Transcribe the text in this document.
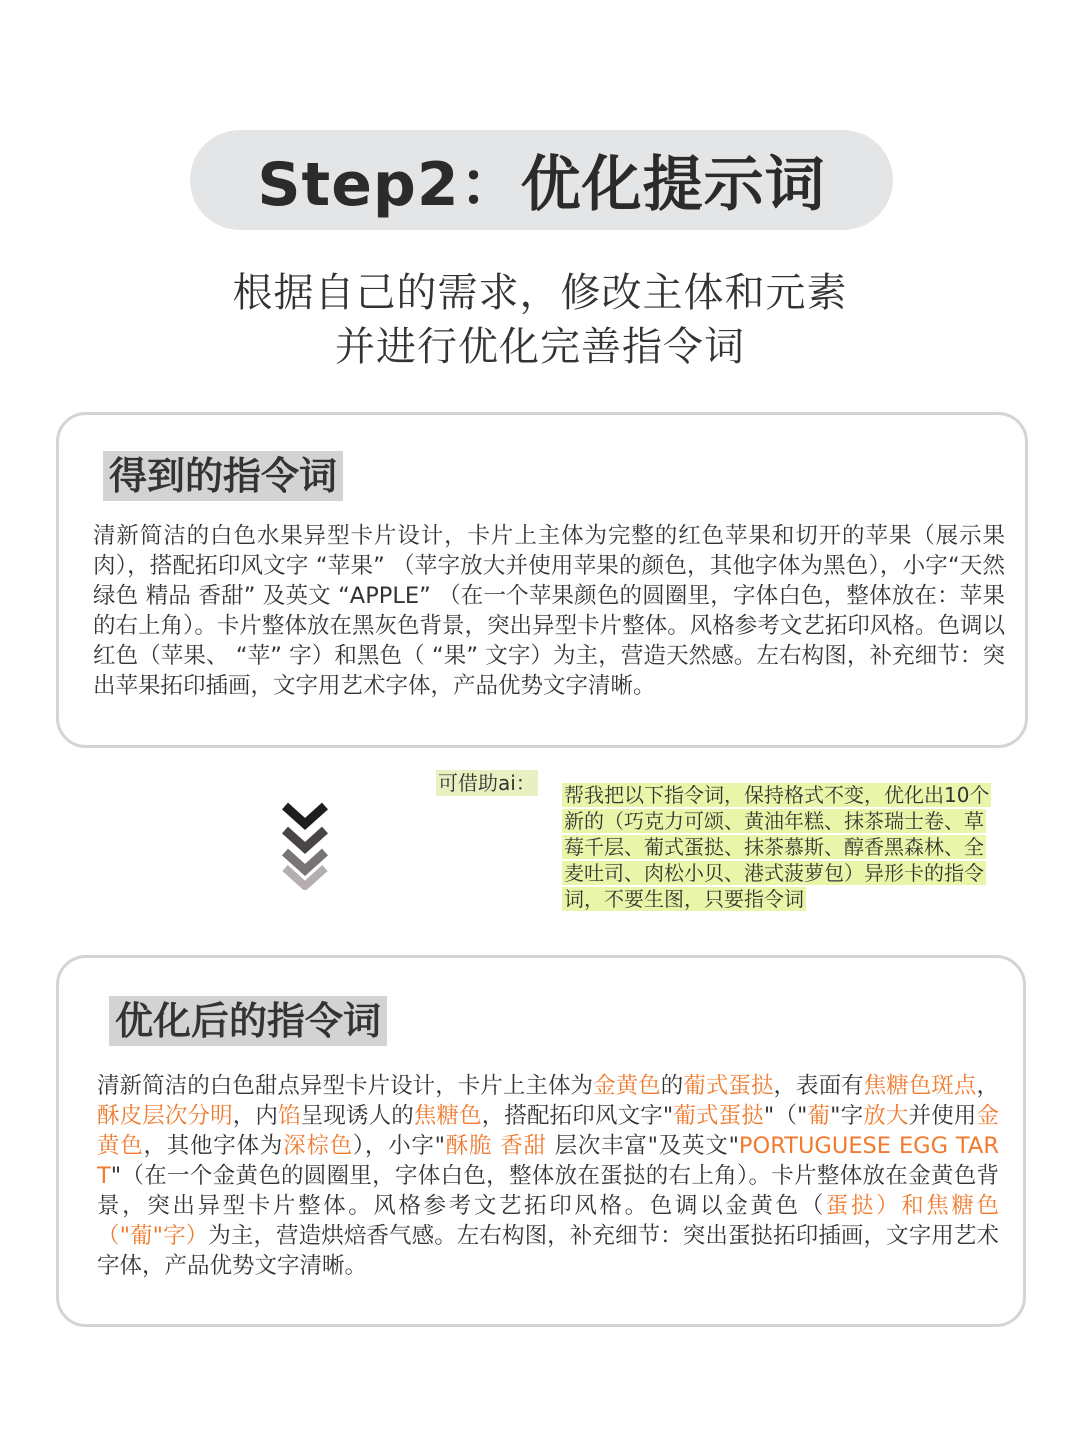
Step2：优化提示词
根据自己的需求，修改主体和元素
并进行优化完善指令词
得到的指令词
清新简洁的白色水果异型卡片设计，卡片上主体为完整的红色苹果和切开的苹果（展示果肉），搭配拓印风文字 “苹果” （苹字放大并使用苹果的颜色，其他字体为黑色），小字“天然 绿色 精品 香甜” 及英文 “APPLE” （在一个苹果颜色的圆圈里，字体白色，整体放在：苹果的右上角）。卡片整体放在黑灰色背景，突出异型卡片整体。风格参考文艺拓印风格。色调以红色（苹果、 “苹” 字）和黑色（ “果” 文字）为主，营造天然感。左右构图，补充细节：突出苹果拓印插画，文字用艺术字体，产品优势文字清晰。
可借助ai： 帮我把以下指令词，保持格式不变，优化出10个新的（巧克力可颂、黄油年糕、抹茶瑞士卷、草莓千层、葡式蛋挞、抹茶慕斯、醇香黑森林、全麦吐司、肉松小贝、港式菠萝包）异形卡的指令词，不要生图，只要指令词
优化后的指令词
清新简洁的白色甜点异型卡片设计，卡片上主体为金黄色的葡式蛋挞，表面有焦糖色斑点，酥皮层次分明，内馅呈现诱人的焦糖色，搭配拓印风文字"葡式蛋挞"（"葡"字放大并使用金黄色，其他字体为深棕色），小字"酥脆 香甜 层次丰富"及英文"PORTUGUESE EGG TART"（在一个金黄色的圆圈里，字体白色，整体放在蛋挞的右上角）。卡片整体放在金黄色背景，突出异型卡片整体。风格参考文艺拓印风格。色调以金黄色（蛋挞）和焦糖色（"葡"字）为主，营造烘焙香气感。左右构图，补充细节：突出蛋挞拓印插画，文字用艺术字体，产品优势文字清晰。
